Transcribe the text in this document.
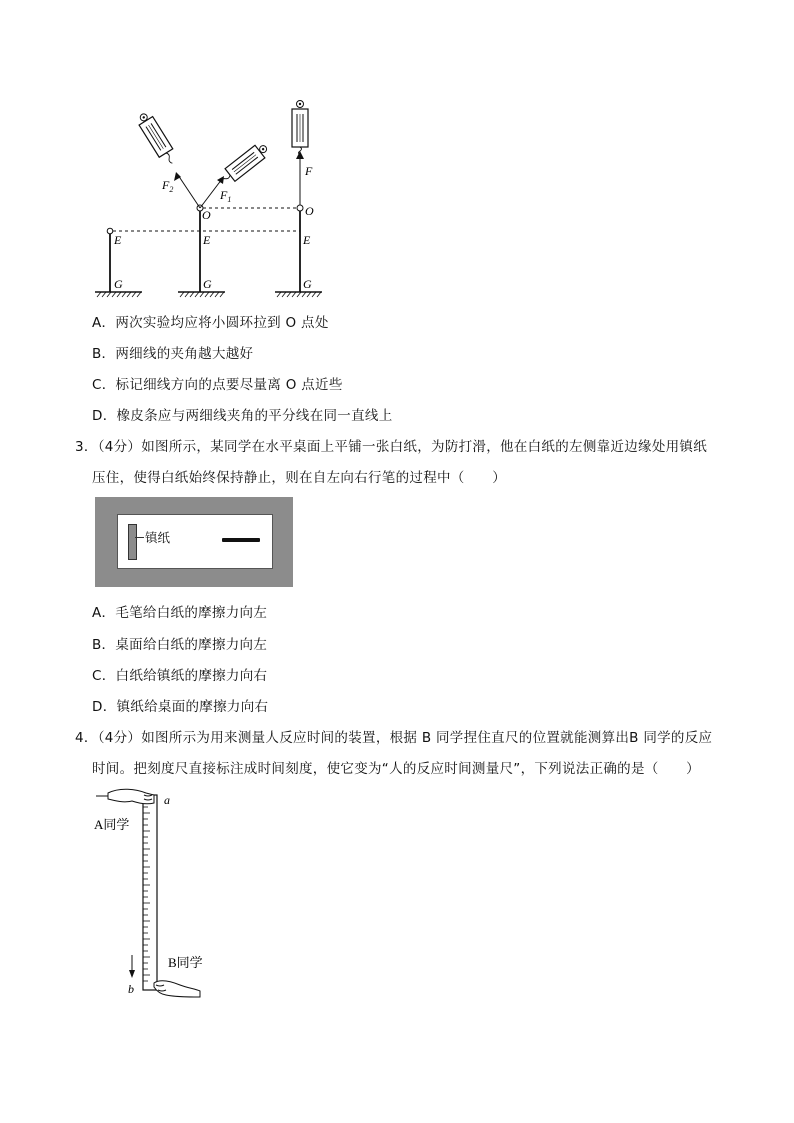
$F_2$	$F_1$
F
O	O
E	E	E
G	G	G
A．两次实验均应将小圆环拉到 O 点处
B．两细线的夹角越大越好
C．标记细线方向的点要尽量离 O 点近些
D．橡皮条应与两细线夹角的平分线在同一直线上
3．（4分）如图所示，某同学在水平桌面上平铺一张白纸，为防打滑，他在白纸的左侧靠近边缘处用镇纸
压住，使得白纸始终保持静止，则在自左向右行笔的过程中（　　）
镇纸
A．毛笔给白纸的摩擦力向左
B．桌面给白纸的摩擦力向左
C．白纸给镇纸的摩擦力向右
D．镇纸给桌面的摩擦力向右
4．（4分）如图所示为用来测量人反应时间的装置，根据 B 同学捏住直尺的位置就能测算出B 同学的反应
时间。把刻度尺直接标注成时间刻度，使它变为“人的反应时间测量尺”，下列说法正确的是（　　）
a
b
A同学
B同学
